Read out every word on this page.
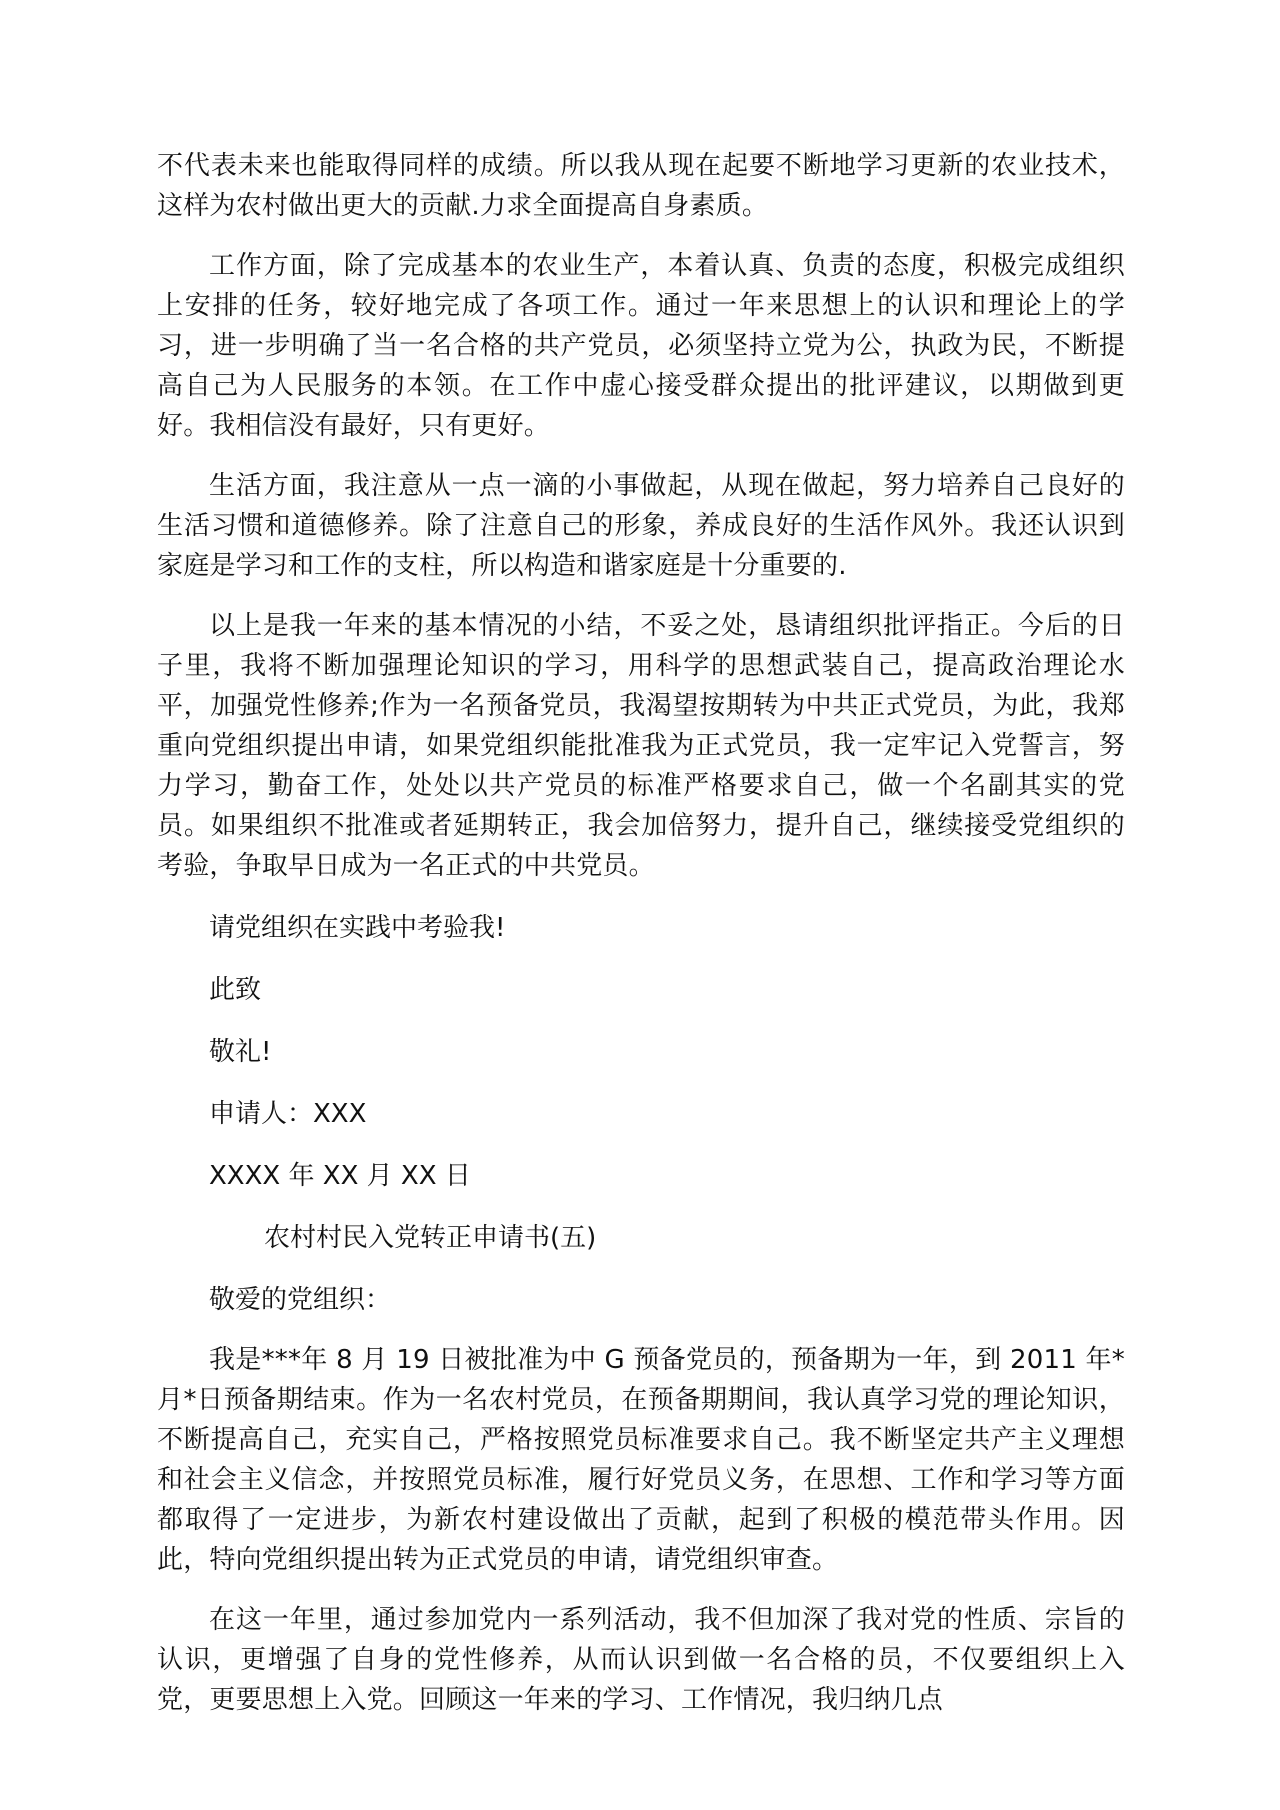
不代表未来也能取得同样的成绩。所以我从现在起要不断地学习更新的农业技术，这样为农村做出更大的贡献.力求全面提高自身素质。

工作方面，除了完成基本的农业生产，本着认真、负责的态度，积极完成组织上安排的任务，较好地完成了各项工作。通过一年来思想上的认识和理论上的学习，进一步明确了当一名合格的共产党员，必须坚持立党为公，执政为民，不断提高自己为人民服务的本领。在工作中虚心接受群众提出的批评建议，以期做到更好。我相信没有最好，只有更好。

生活方面，我注意从一点一滴的小事做起，从现在做起，努力培养自己良好的生活习惯和道德修养。除了注意自己的形象，养成良好的生活作风外。我还认识到家庭是学习和工作的支柱，所以构造和谐家庭是十分重要的.

以上是我一年来的基本情况的小结，不妥之处，恳请组织批评指正。今后的日子里，我将不断加强理论知识的学习，用科学的思想武装自己，提高政治理论水平，加强党性修养;作为一名预备党员，我渴望按期转为中共正式党员，为此，我郑重向党组织提出申请，如果党组织能批准我为正式党员，我一定牢记入党誓言，努力学习，勤奋工作，处处以共产党员的标准严格要求自己，做一个名副其实的党员。如果组织不批准或者延期转正，我会加倍努力，提升自己，继续接受党组织的考验，争取早日成为一名正式的中共党员。

请党组织在实践中考验我!

此致

敬礼!

申请人：XXX

XXXX 年 XX 月 XX 日

农村村民入党转正申请书(五)

敬爱的党组织：

我是***年 8 月 19 日被批准为中 G 预备党员的，预备期为一年，到 2011 年*月*日预备期结束。作为一名农村党员，在预备期期间，我认真学习党的理论知识，不断提高自己，充实自己，严格按照党员标准要求自己。我不断坚定共产主义理想和社会主义信念，并按照党员标准，履行好党员义务，在思想、工作和学习等方面都取得了一定进步，为新农村建设做出了贡献，起到了积极的模范带头作用。因此，特向党组织提出转为正式党员的申请，请党组织审查。

在这一年里，通过参加党内一系列活动，我不但加深了我对党的性质、宗旨的认识，更增强了自身的党性修养，从而认识到做一名合格的员，不仅要组织上入党，更要思想上入党。回顾这一年来的学习、工作情况，我归纳几点
